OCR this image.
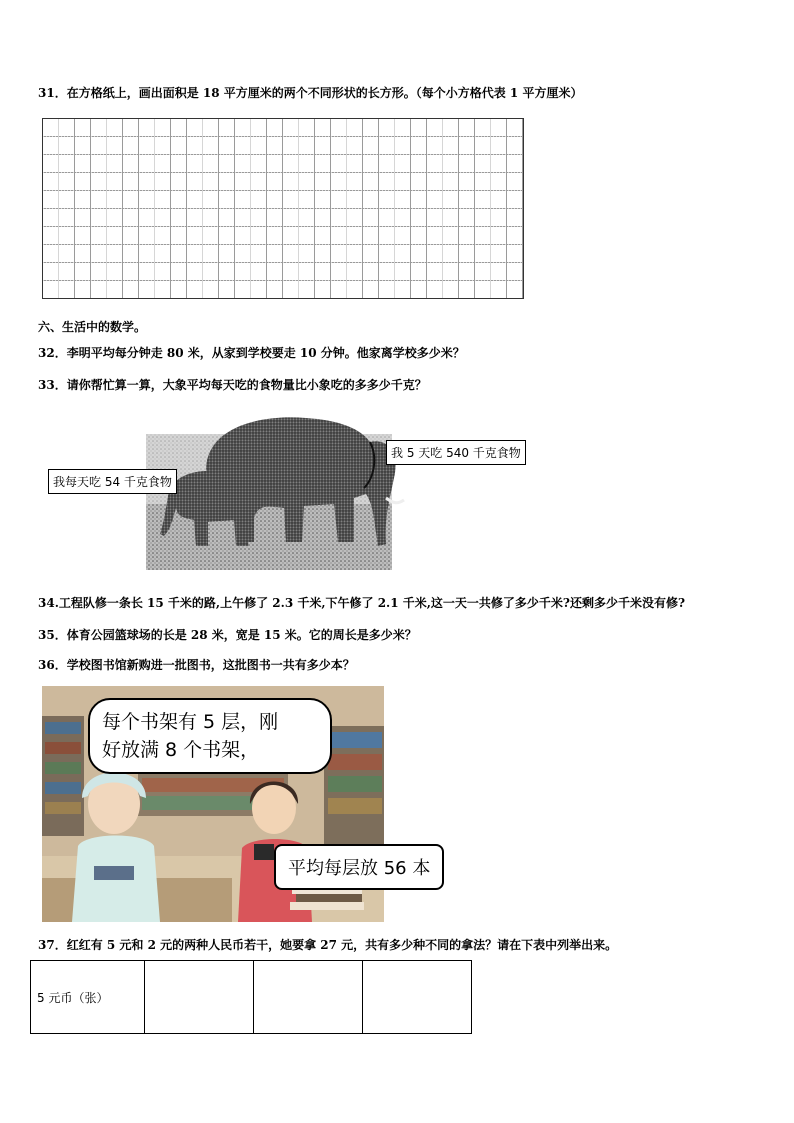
31．在方格纸上，画出面积是 18 平方厘米的两个不同形状的长方形。（每个小方格代表 1 平方厘米）
六、生活中的数学。
32．李明平均每分钟走 80 米，从家到学校要走 10 分钟。他家离学校多少米？
33．请你帮忙算一算，大象平均每天吃的食物量比小象吃的多多少千克？
我每天吃 54 千克食物
我 5 天吃 540 千克食物
34.工程队修一条长 15 千米的路,上午修了 2.3 千米,下午修了 2.1 千米,这一天一共修了多少千米?还剩多少千米没有修?
35．体育公园篮球场的长是 28 米，宽是 15 米。它的周长是多少米？
36．学校图书馆新购进一批图书，这批图书一共有多少本？
每个书架有 5 层，刚
好放满 8 个书架，
平均每层放 56 本
37．红红有 5 元和 2 元的两种人民币若干，她要拿 27 元，共有多少种不同的拿法？请在下表中列举出来。
5 元币（张）			
